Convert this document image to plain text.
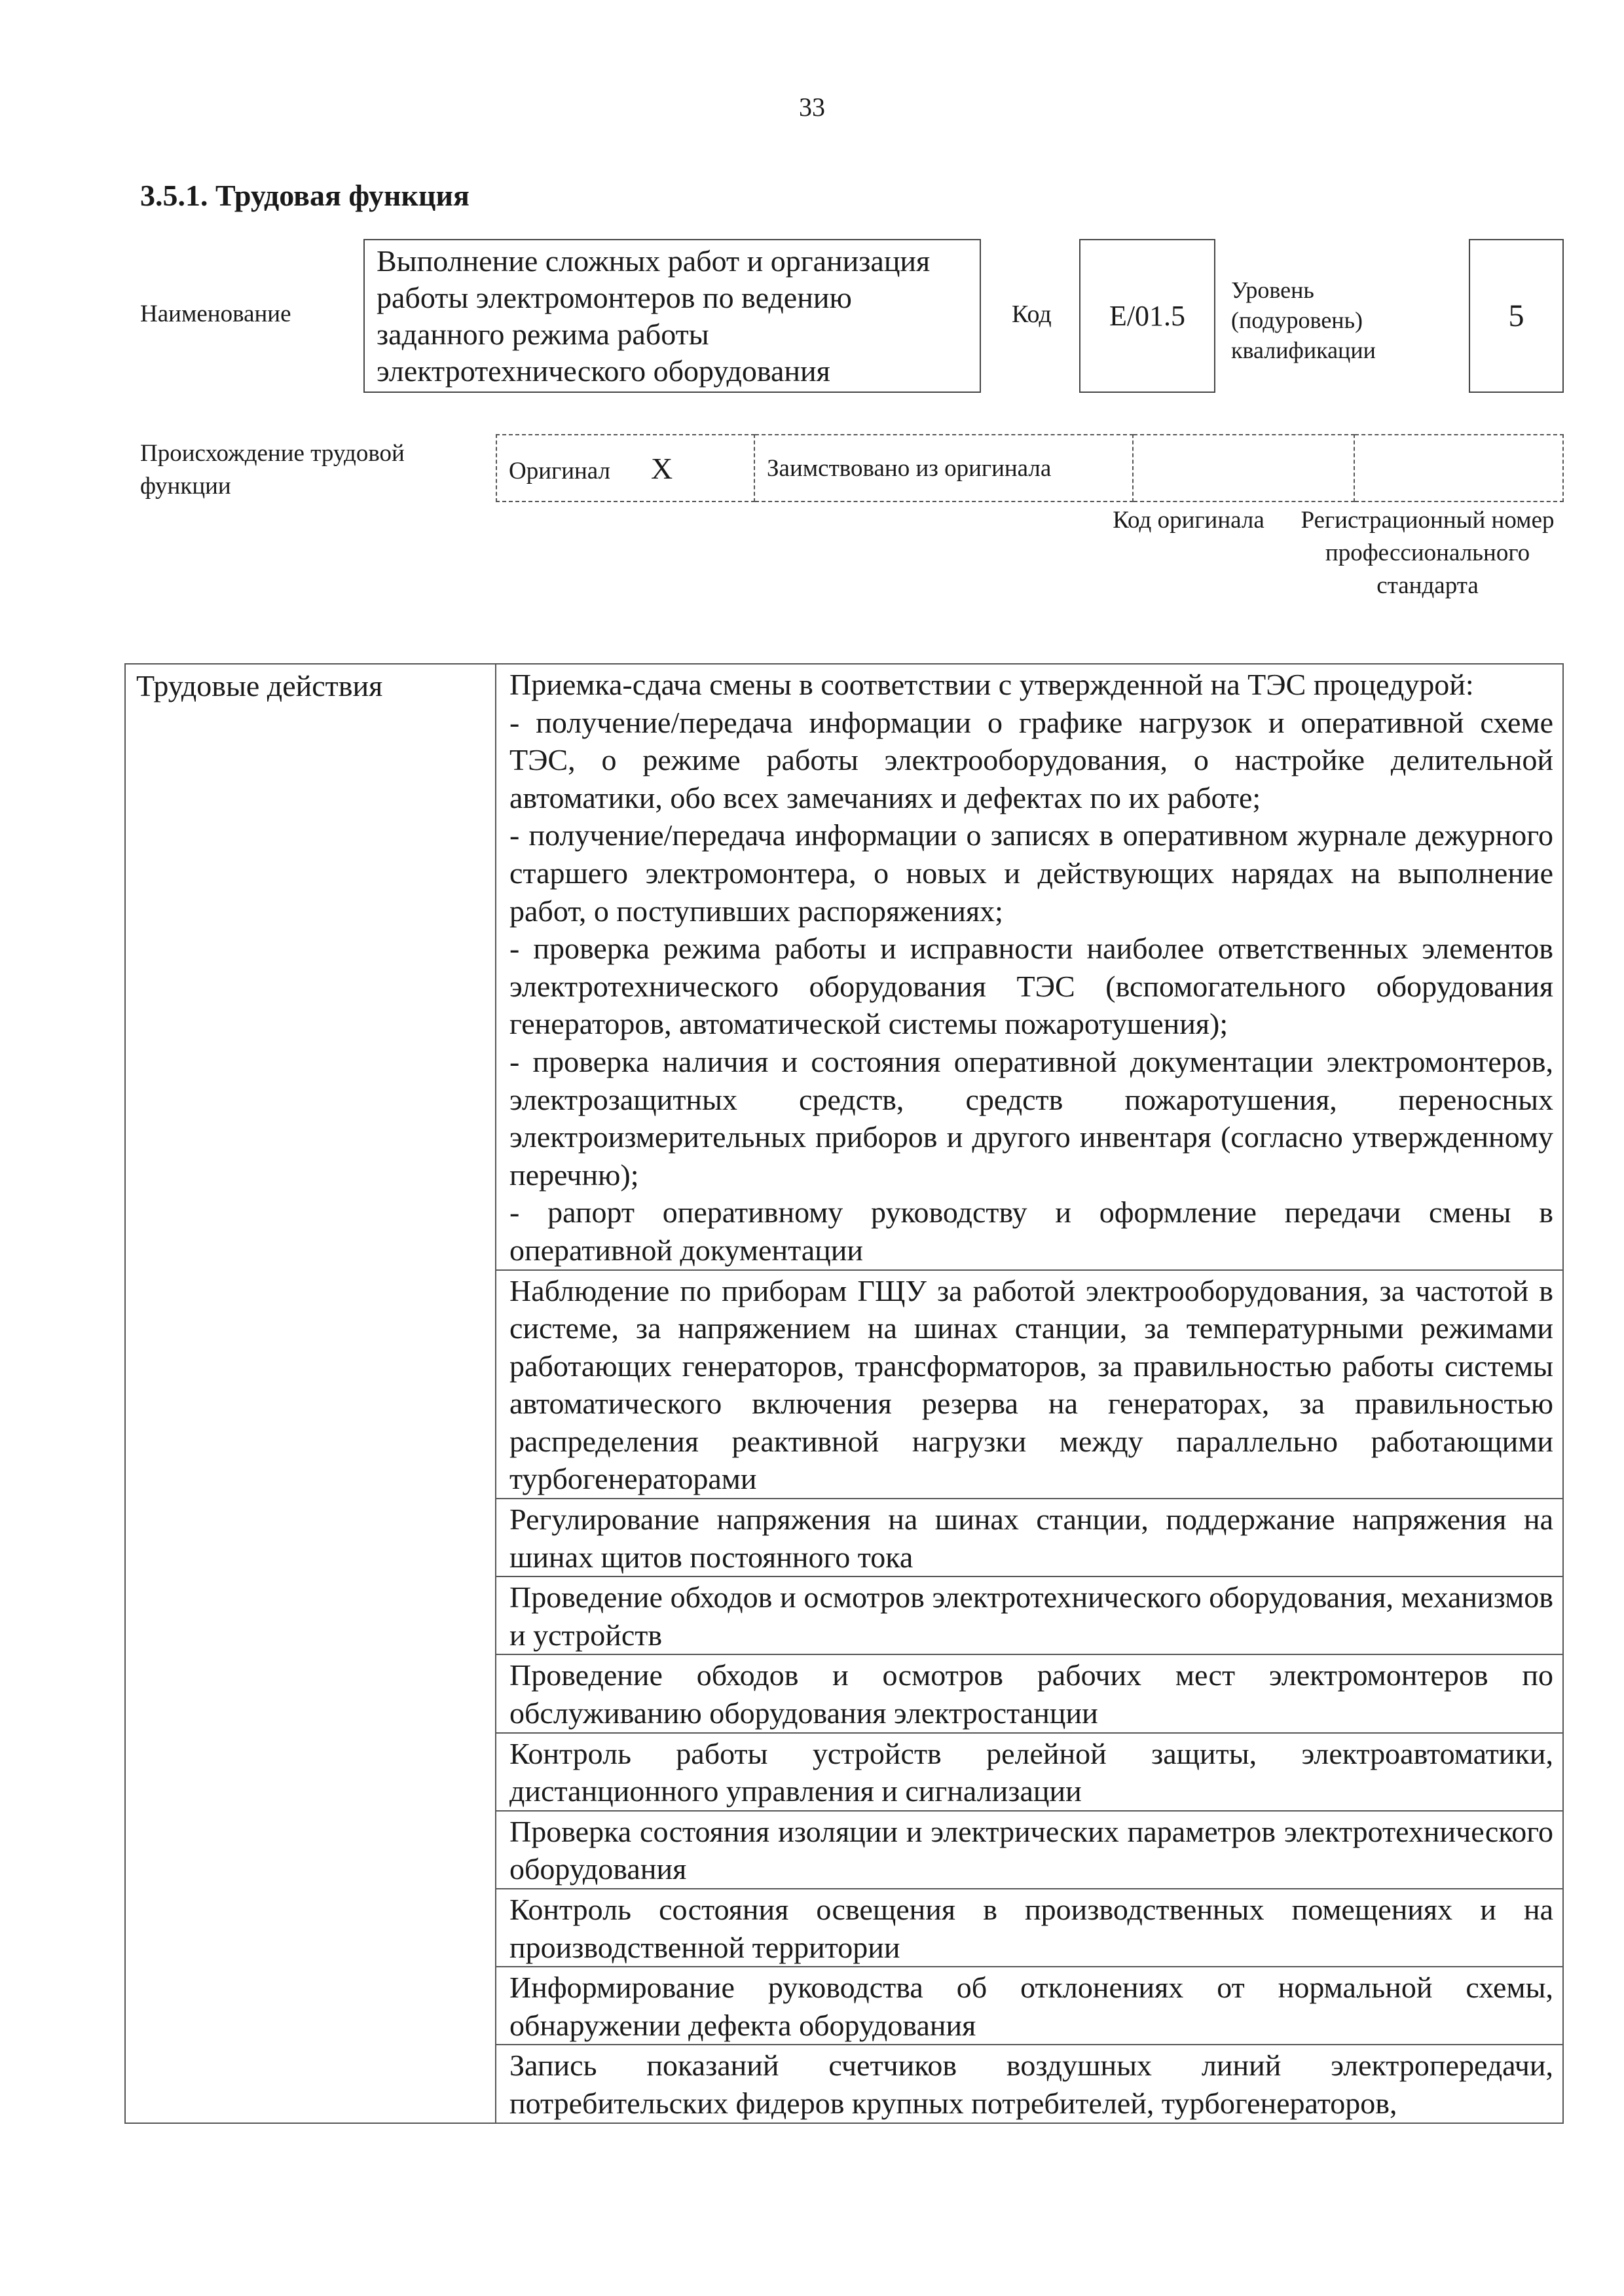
33
3.5.1. Трудовая функция
Наименование
Выполнение сложных работ и организация работы электромонтеров по ведению заданного режима работы электротехнического оборудования
Код	E/01.5
Уровень (подуровень) квалификации
5
Происхождение трудовой функции
Оригинал X	Заимствовано из оригинала		
Код оригинала	Регистрационный номер профессионального стандарта
Трудовые действия	Приемка-сдача смены в соответствии с утвержденной на ТЭС процедурой:
- получение/передача информации о графике нагрузок и оперативной схеме ТЭС, о режиме работы электрооборудования, о настройке делительной автоматики, обо всех замечаниях и дефектах по их работе;
- получение/передача информации о записях в оперативном журнале дежурного старшего электромонтера, о новых и действующих нарядах на выполнение работ, о поступивших распоряжениях;
- проверка режима работы и исправности наиболее ответственных элементов электротехнического оборудования ТЭС (вспомогательного оборудования генераторов, автоматической системы пожаротушения);
- проверка наличия и состояния оперативной документации электромонтеров, электрозащитных средств, средств пожаротушения, переносных электроизмерительных приборов и другого инвентаря (согласно утвержденному перечню);
- рапорт оперативному руководству и оформление передачи смены в оперативной документации

Наблюдение по приборам ГЩУ за работой электрооборудования, за частотой в системе, за напряжением на шинах станции, за температурными режимами работающих генераторов, трансформаторов, за правильностью работы системы автоматического включения резерва на генераторах, за правильностью распределения реактивной нагрузки между параллельно работающими турбогенераторами
Регулирование напряжения на шинах станции, поддержание напряжения на шинах щитов постоянного тока
Проведение обходов и осмотров электротехнического оборудования, механизмов и устройств
Проведение обходов и осмотров рабочих мест электромонтеров по обслуживанию оборудования электростанции
Контроль работы устройств релейной защиты, электроавтоматики, дистанционного управления и сигнализации
Проверка состояния изоляции и электрических параметров электротехнического оборудования
Контроль состояния освещения в производственных помещениях и на производственной территории
Информирование руководства об отклонениях от нормальной схемы, обнаружении дефекта оборудования
Запись показаний счетчиков воздушных линий электропередачи, потребительских фидеров крупных потребителей, турбогенераторов,
